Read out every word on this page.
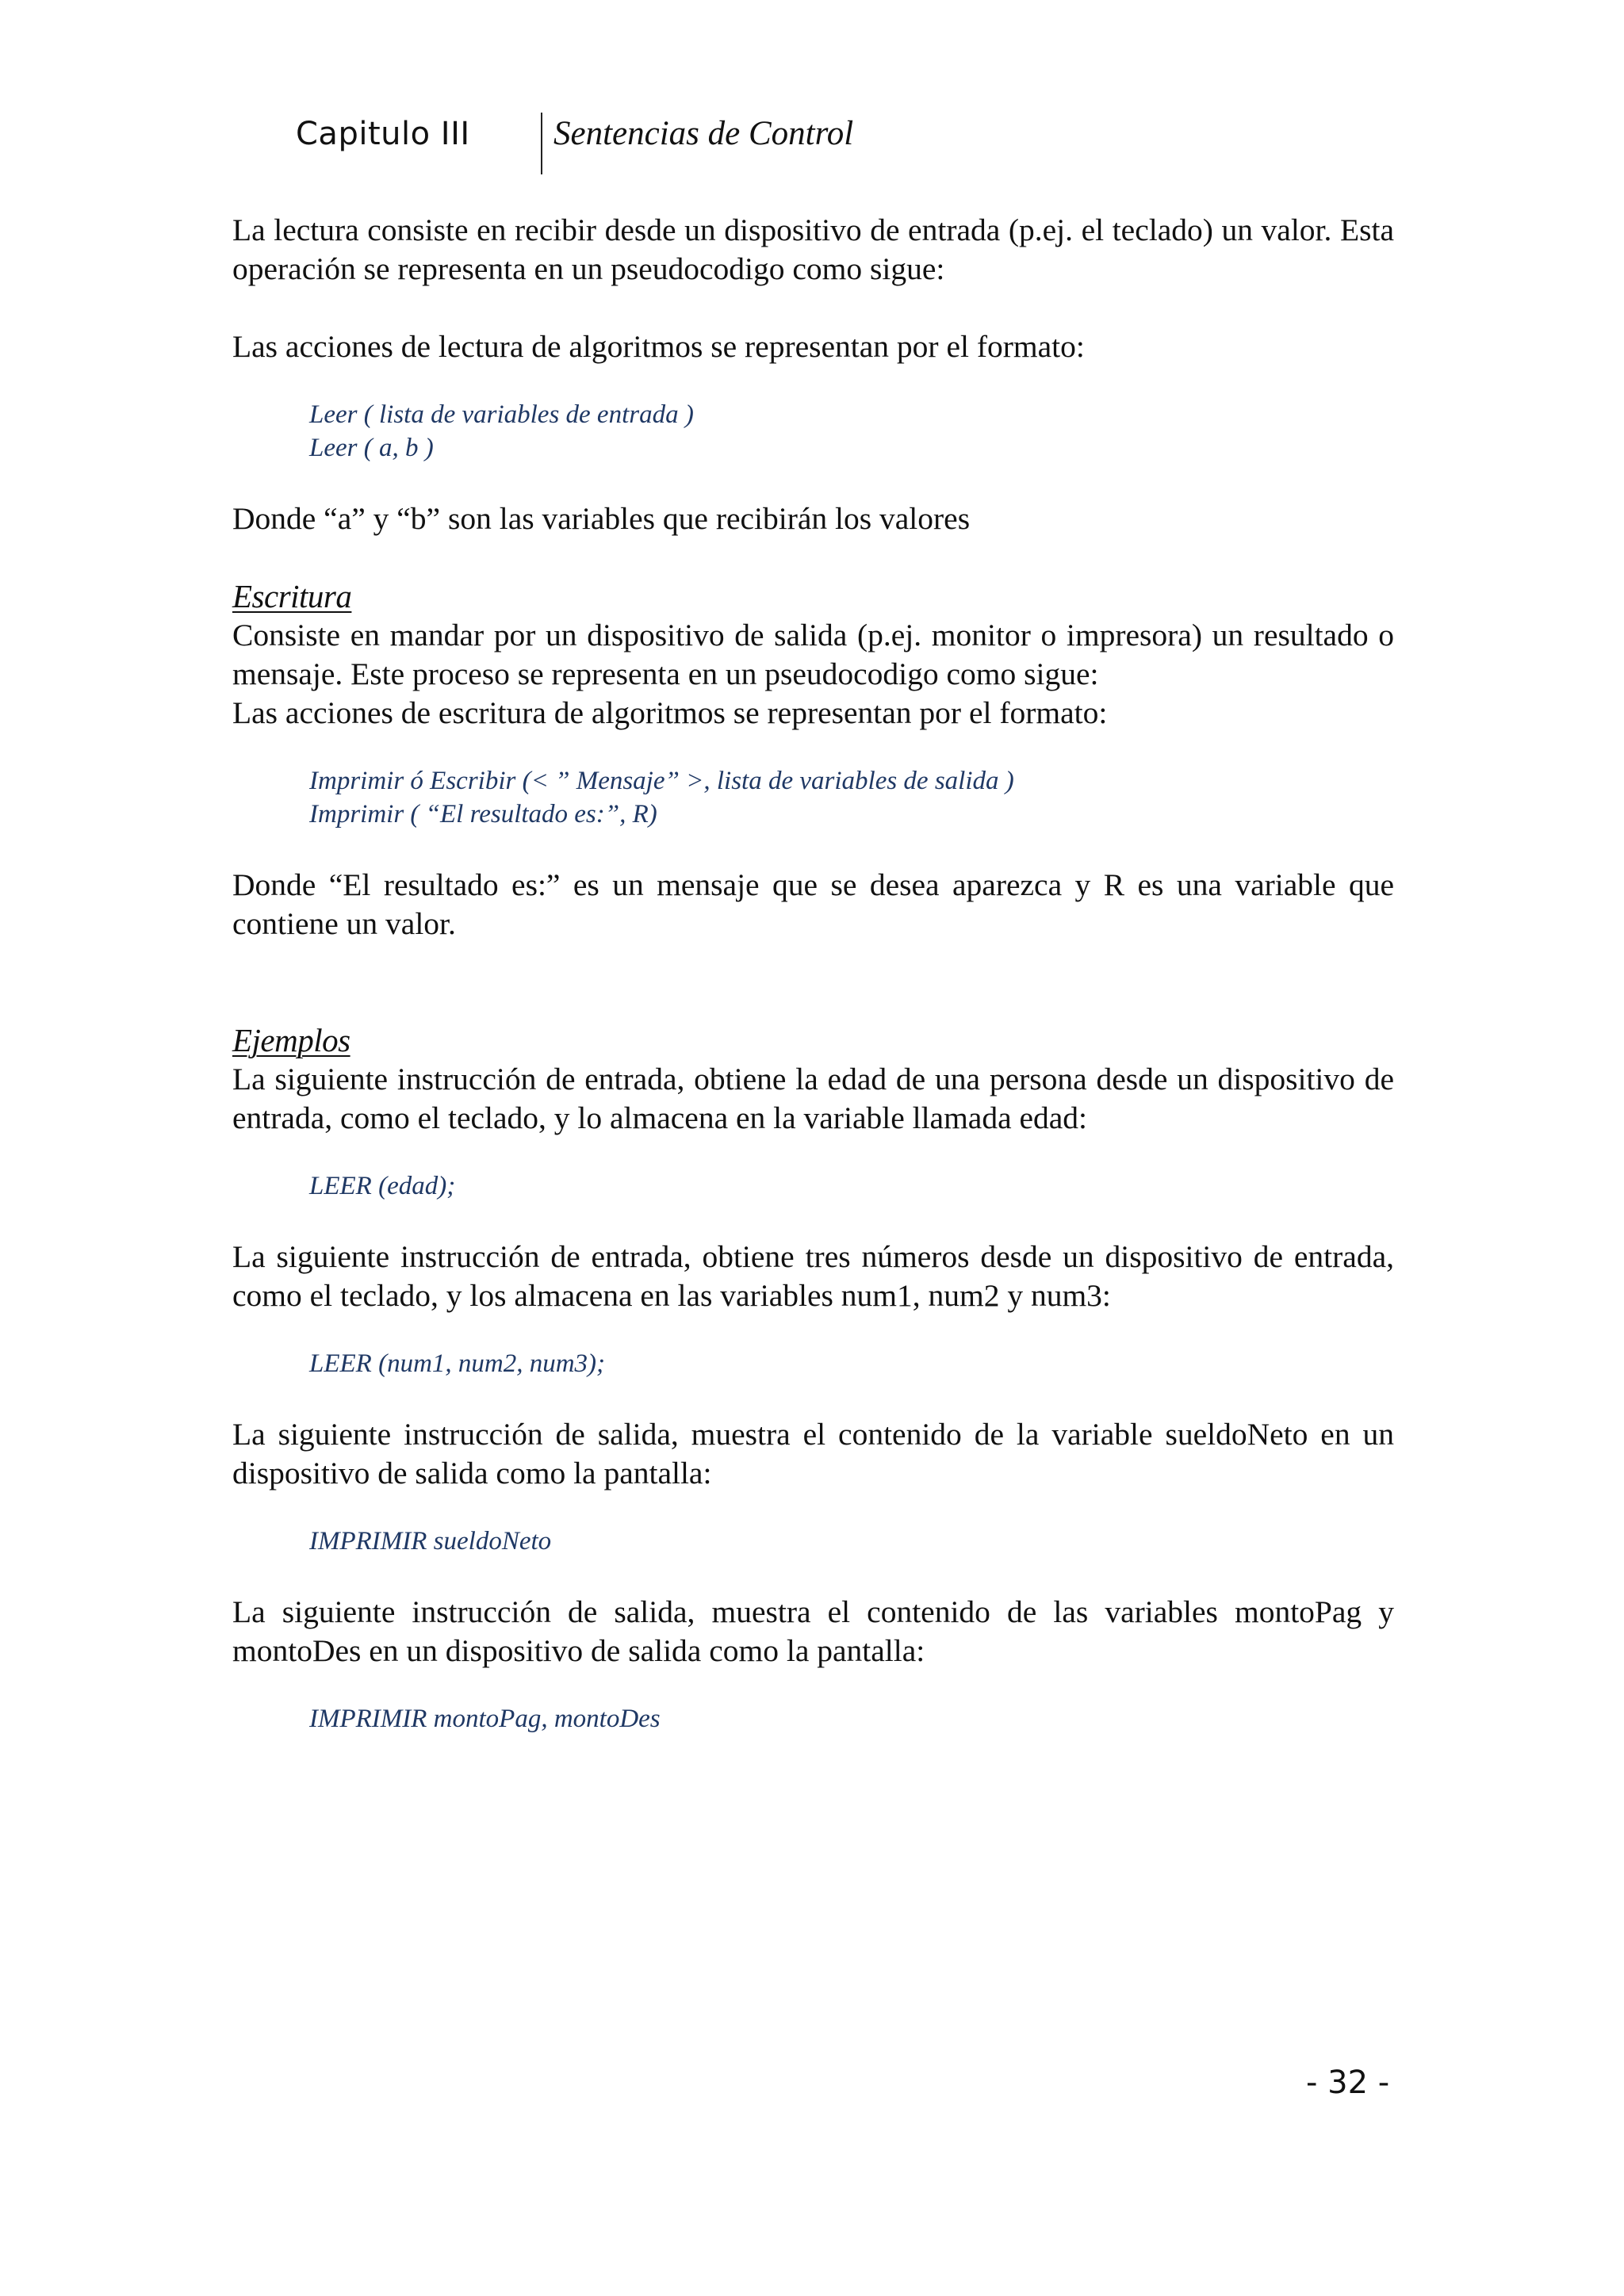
Capitulo III Sentencias de Control

La lectura consiste en recibir desde un dispositivo de entrada (p.ej. el teclado) un valor. Esta operación se representa en un pseudocodigo como sigue:

Las acciones de lectura de algoritmos se representan por el formato:

Leer ( lista de variables de entrada )

Leer ( a, b )

Donde “a” y “b” son las variables que recibirán los valores

Escritura

Consiste en mandar por un dispositivo de salida (p.ej. monitor o impresora) un resultado o mensaje. Este proceso se representa en un pseudocodigo como sigue:

Las acciones de escritura de algoritmos se representan por el formato:

Imprimir ó Escribir (< ” Mensaje” >, lista de variables de salida )

Imprimir ( “El resultado es:”, R)

Donde “El resultado es:” es un mensaje que se desea aparezca y R es una variable que contiene un valor.

Ejemplos

La siguiente instrucción de entrada, obtiene la edad de una persona desde un dispositivo de entrada, como el teclado, y lo almacena en la variable llamada edad:

LEER (edad);

La siguiente instrucción de entrada, obtiene tres números desde un dispositivo de entrada, como el teclado, y los almacena en las variables num1, num2 y num3:

LEER (num1, num2, num3);

La siguiente instrucción de salida, muestra el contenido de la variable sueldoNeto en un dispositivo de salida como la pantalla:

IMPRIMIR sueldoNeto

La siguiente instrucción de salida, muestra el contenido de las variables montoPag y montoDes en un dispositivo de salida como la pantalla:

IMPRIMIR montoPag, montoDes

- 32 -
